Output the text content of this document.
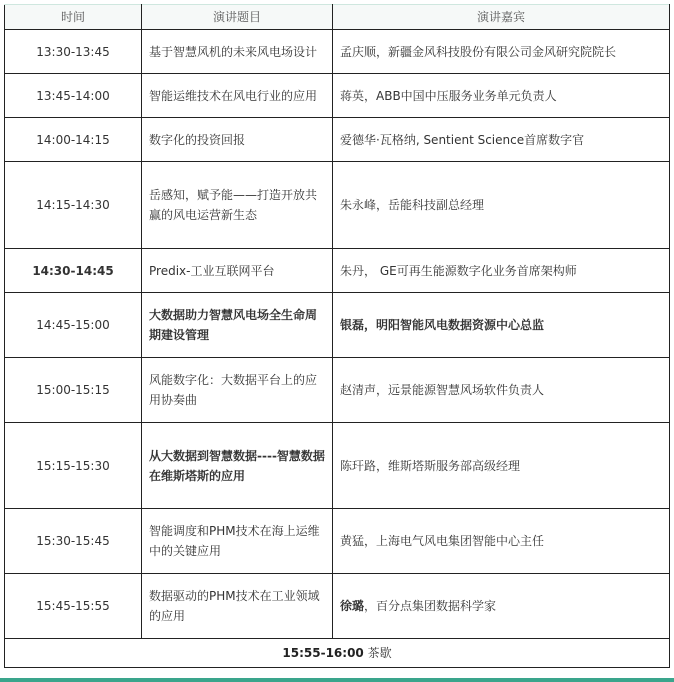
时间	演讲题目	演讲嘉宾
13:30-13:45	基于智慧风机的未来风电场设计	孟庆顺，新疆金风科技股份有限公司金风研究院院长
13:45-14:00	智能运维技术在风电行业的应用	蒋英，ABB中国中压服务业务单元负责人
14:00-14:15	数字化的投资回报	爱德华·瓦格纳, Sentient Science首席数字官
14:15-14:30	岳感知，赋予能——打造开放共赢的风电运营新生态	朱永峰，岳能科技副总经理
14:30-14:45	Predix-工业互联网平台	朱丹， GE可再生能源数字化业务首席架构师
14:45-15:00	大数据助力智慧风电场全生命周期建设管理	银磊，明阳智能风电数据资源中心总监
15:00-15:15	风能数字化：大数据平台上的应用协奏曲	赵清声，远景能源智慧风场软件负责人
15:15-15:30	从大数据到智慧数据----智慧数据在维斯塔斯的应用	陈玕路，维斯塔斯服务部高级经理
15:30-15:45	智能调度和PHM技术在海上运维中的关键应用	黄猛，上海电气风电集团智能中心主任
15:45-15:55	数据驱动的PHM技术在工业领域的应用	徐璐，百分点集团数据科学家
15:55-16:00 茶歇		
